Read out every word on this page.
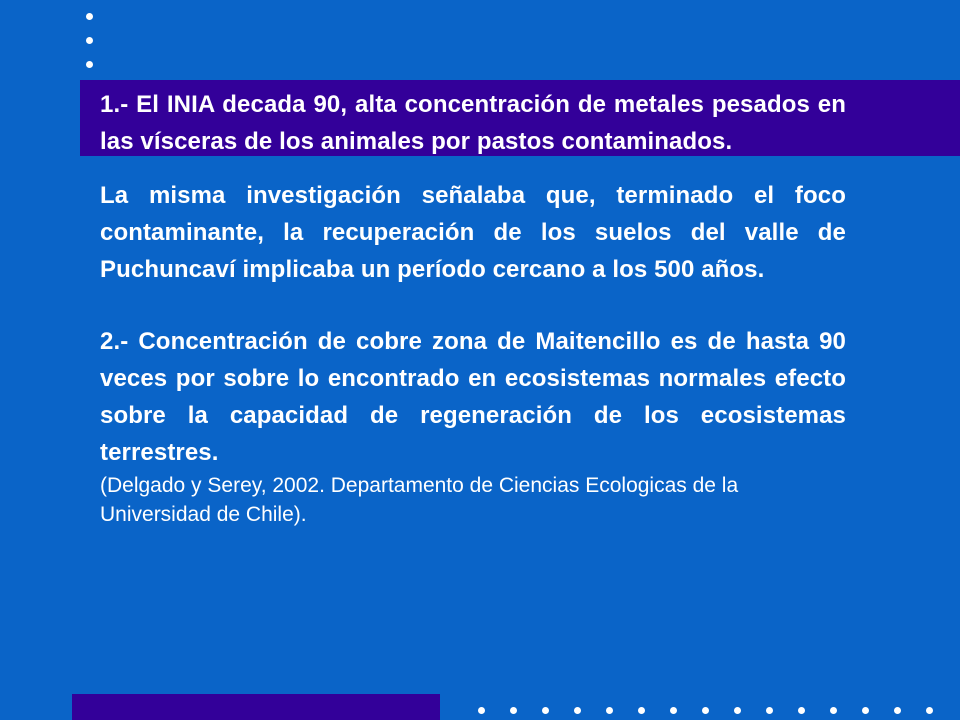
1.- El INIA decada 90, alta concentración de metales pesados en las vísceras de los animales por pastos contaminados.

La misma investigación señalaba que, terminado el foco contaminante, la recuperación de los suelos del valle de Puchuncaví implicaba un período cercano a los 500 años.

2.- Concentración de cobre zona de Maitencillo es de hasta 90 veces por sobre lo encontrado en ecosistemas normales efecto sobre la capacidad de regeneración de los ecosistemas terrestres.

(Delgado y Serey, 2002. Departamento de Ciencias Ecologicas de la Universidad de Chile).
